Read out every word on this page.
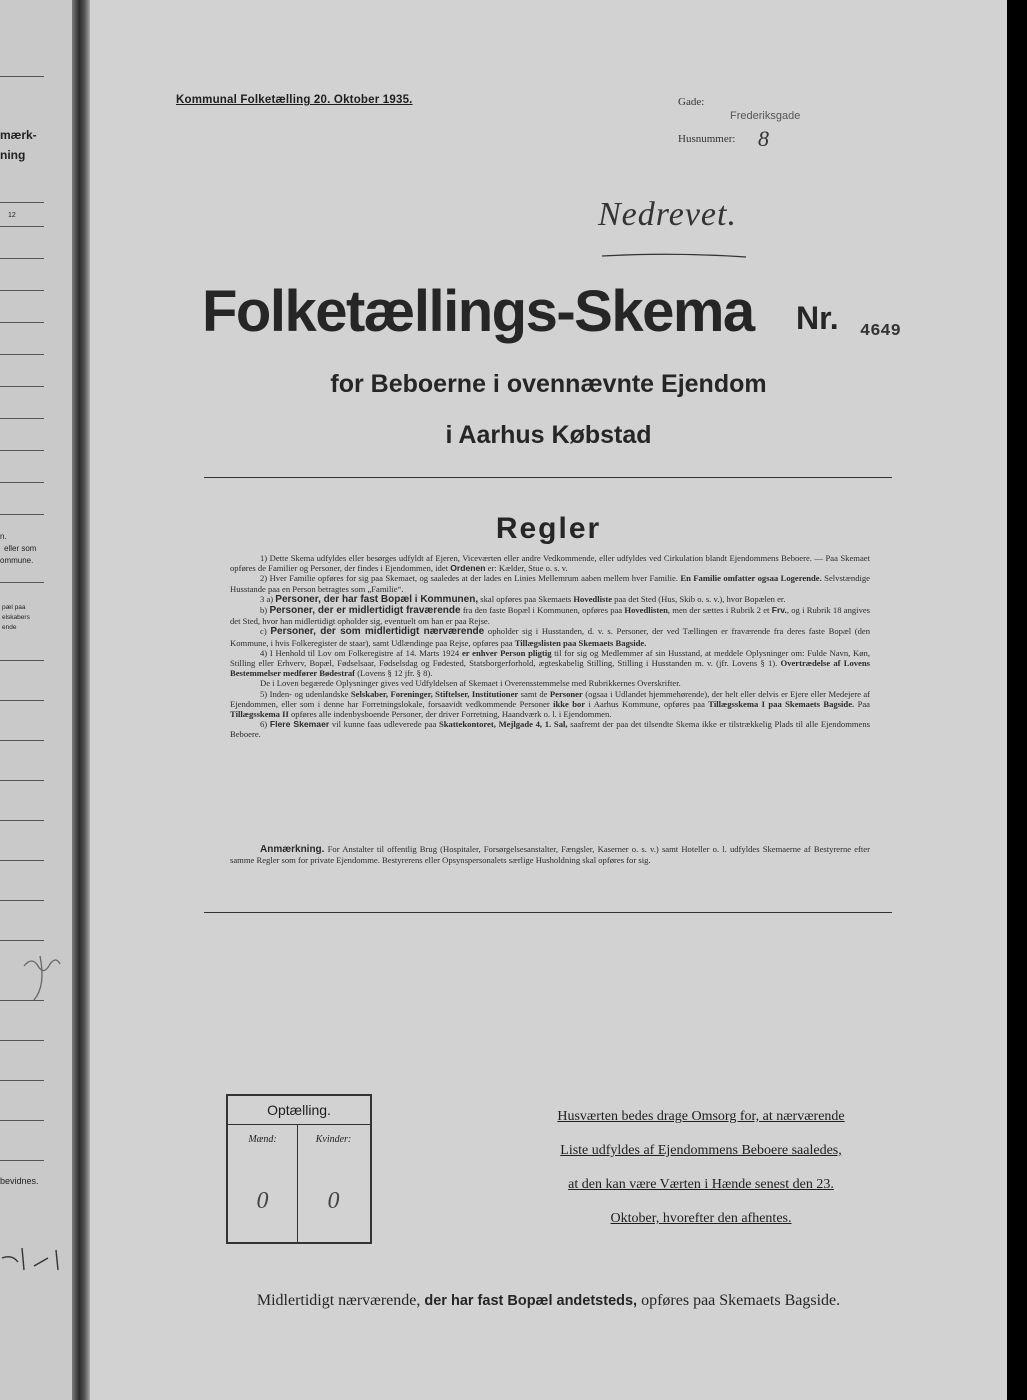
mærk-
ning
12
n.
eller som
ommune.
pæl paa
elskabers
ende
bevidnes.
Kommunal Folketælling 20. Oktober 1935.	Gade:
Frederiksgade
Husnummer: 8
Nedrevet.
Folketællings-Skema Nr. 4649
for Beboerne i ovennævnte Ejendom
i Aarhus Købstad
Regler

1) Dette Skema udfyldes eller besørges udfyldt af Ejeren, Viceværten eller andre Vedkommende, eller udfyldes ved Cirkulation blandt Ejendommens Beboere. — Paa Skemaet opføres de Familier og Personer, der findes i Ejendommen, idet Ordenen er: Kælder, Stue o. s. v.

2) Hver Familie opføres for sig paa Skemaet, og saaledes at der lades en Linies Mellemrum aaben mellem hver Familie. En Familie omfatter ogsaa Logerende. Selvstændige Husstande paa en Person betragtes som „Familie“.

3 a) Personer, der har fast Bopæl i Kommunen, skal opføres paa Skemaets Hovedliste paa det Sted (Hus, Skib o. s. v.), hvor Bopælen er.

b) Personer, der er midlertidigt fraværende fra den faste Bopæl i Kommunen, opføres paa Hovedlisten, men der sættes i Rubrik 2 et Frv., og i Rubrik 18 angives det Sted, hvor han midlertidigt opholder sig, eventuelt om han er paa Rejse.

c) Personer, der som midlertidigt nærværende opholder sig i Husstanden, d. v. s. Personer, der ved Tællingen er fraværende fra deres faste Bopæl (den Kommune, i hvis Folkeregister de staar), samt Udlændinge paa Rejse, opføres paa Tillægslisten paa Skemaets Bagside.

4) I Henhold til Lov om Folkeregistre af 14. Marts 1924 er enhver Person pligtig til for sig og Medlemmer af sin Husstand, at meddele Oplysninger om: Fulde Navn, Køn, Stilling eller Erhverv, Bopæl, Fødselsaar, Fødselsdag og Fødested, Statsborgerforhold, ægteskabelig Stilling, Stilling i Husstanden m. v. (jfr. Lovens § 1). Overtrædelse af Lovens Bestemmelser medfører Bødestraf (Lovens § 12 jfr. § 8).

De i Loven begærede Oplysninger gives ved Udfyldelsen af Skemaet i Overensstemmelse med Rubrikkernes Overskrifter.

5) Inden- og udenlandske Selskaber, Foreninger, Stiftelser, Institutioner samt de Personer (ogsaa i Udlandet hjemmehørende), der helt eller delvis er Ejere eller Medejere af Ejendommen, eller som i denne har Forretningslokale, forsaavidt vedkommende Personer ikke bor i Aarhus Kommune, opføres paa Tillægsskema I paa Skemaets Bagside. Paa Tillægsskema II opføres alle indenbysboende Personer, der driver Forretning, Haandværk o. l. i Ejendommen.

6) Flere Skemaer vil kunne faas udleverede paa Skattekontoret, Mejlgade 4, 1. Sal, saafremt der paa det tilsendte Skema ikke er tilstrækkelig Plads til alle Ejendommens Beboere.

Anmærkning. For Anstalter til offentlig Brug (Hospitaler, Forsørgelsesanstalter, Fængsler, Kaserner o. s. v.) samt Hoteller o. l. udfyldes Skemaerne af Bestyrerne efter samme Regler som for private Ejendomme. Bestyrerens eller Opsynspersonalets særlige Husholdning skal opføres for sig.

Optælling.
Mænd:	Kvinder:
0	0
Husværten bedes drage Omsorg for, at nærværende
Liste udfyldes af Ejendommens Beboere saaledes,
at den kan være Værten i Hænde senest den 23.
Oktober, hvorefter den afhentes.
Midlertidigt nærværende, der har fast Bopæl andetsteds, opføres paa Skemaets Bagside.
